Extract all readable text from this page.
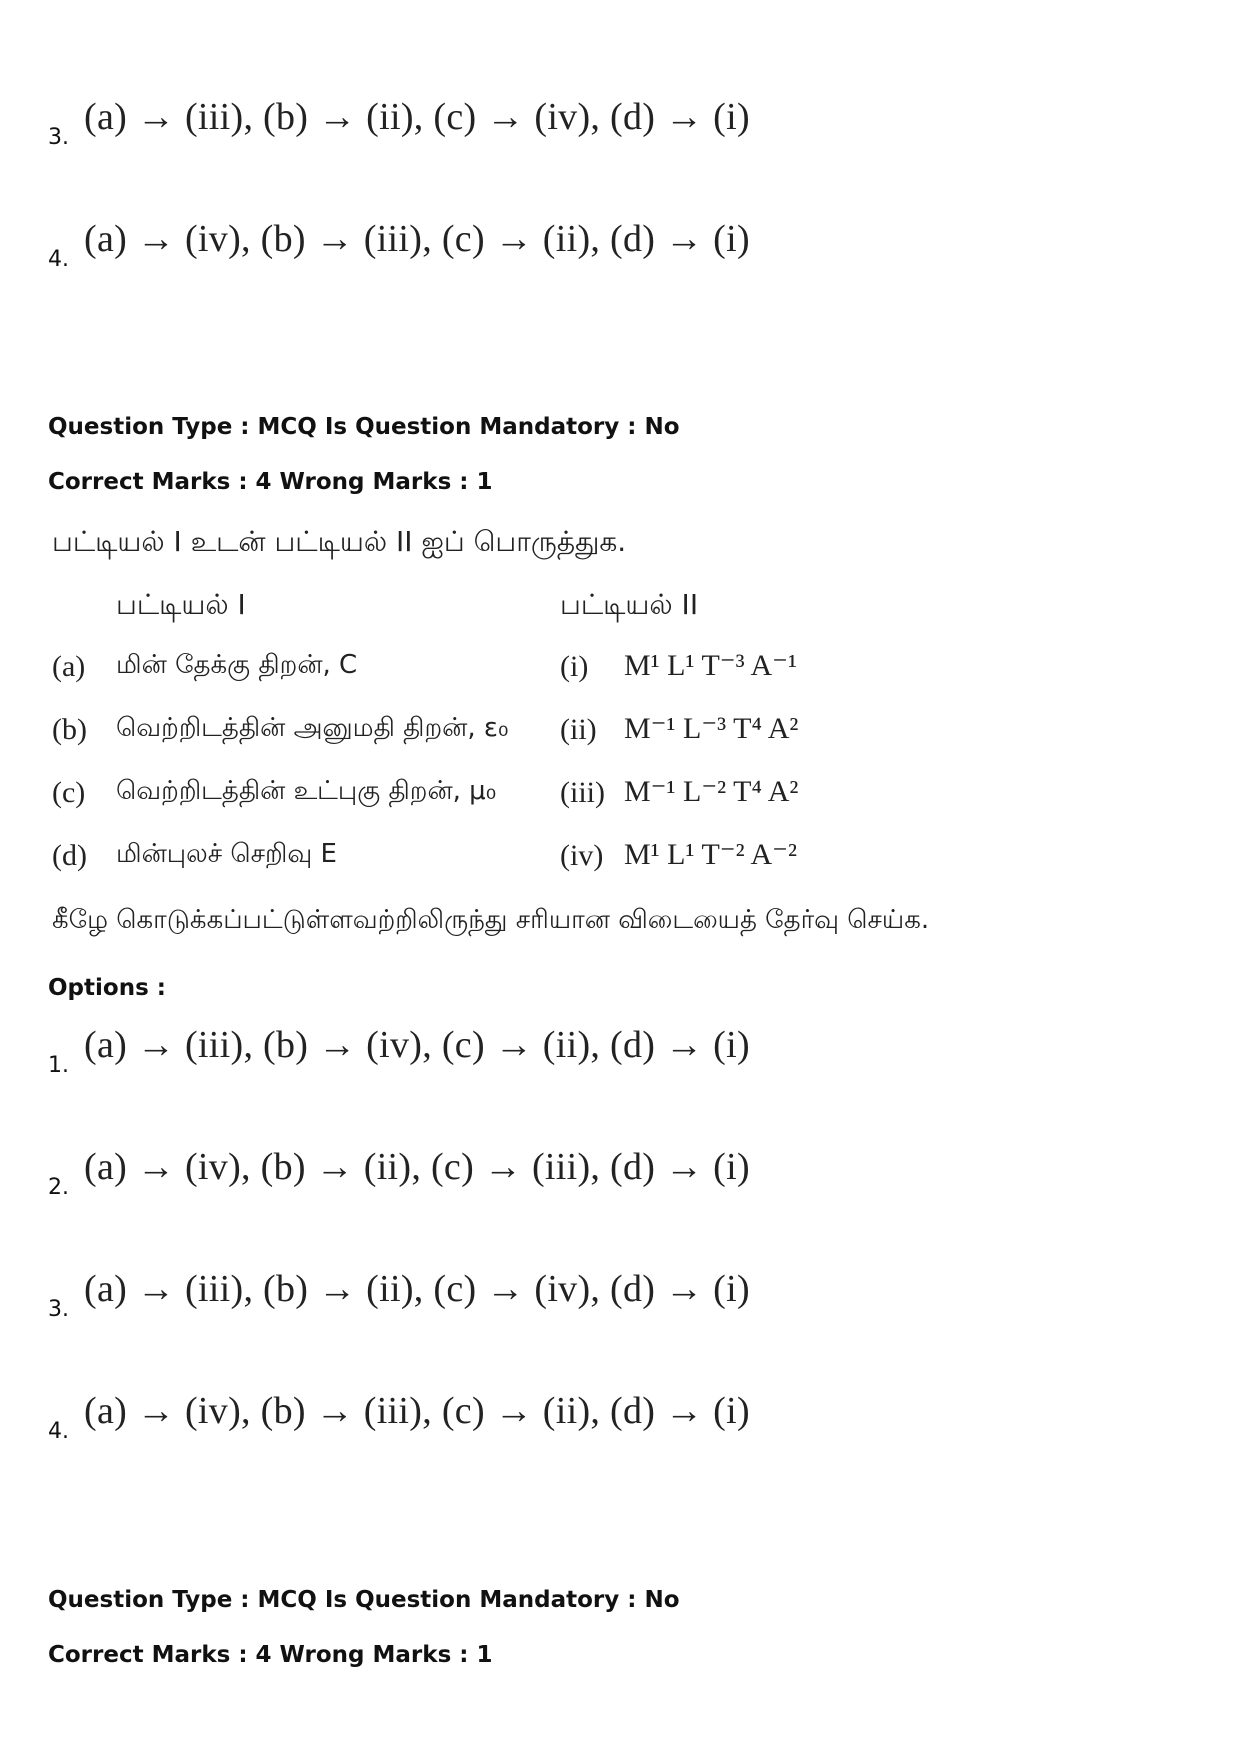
3. (a) → (iii), (b) → (ii), (c) → (iv), (d) → (i)
4. (a) → (iv), (b) → (iii), (c) → (ii), (d) → (i)
Question Type : MCQ Is Question Mandatory : No
Correct Marks : 4 Wrong Marks : 1
பட்டியல் I உடன் பட்டியல் II ஐப் பொருத்துக.
பட்டியல் I	பட்டியல் II
(a) மின் தேக்கு திறன், C	(i) M¹ L¹ T⁻³ A⁻¹
(b) வெற்றிடத்தின் அனுமதி திறன், ε₀ (ii) M⁻¹ L⁻³ T⁴ A²
(c) வெற்றிடத்தின் உட்புகு திறன், μ₀ (iii) M⁻¹ L⁻² T⁴ A²
(d) மின்புலச் செறிவு E	(iv) M¹ L¹ T⁻² A⁻²
கீழே கொடுக்கப்பட்டுள்ளவற்றிலிருந்து சரியான விடையைத் தேர்வு செய்க.
Options :
1. (a) → (iii), (b) → (iv), (c) → (ii), (d) → (i)
2. (a) → (iv), (b) → (ii), (c) → (iii), (d) → (i)
3. (a) → (iii), (b) → (ii), (c) → (iv), (d) → (i)
4. (a) → (iv), (b) → (iii), (c) → (ii), (d) → (i)
Question Type : MCQ Is Question Mandatory : No
Correct Marks : 4 Wrong Marks : 1
